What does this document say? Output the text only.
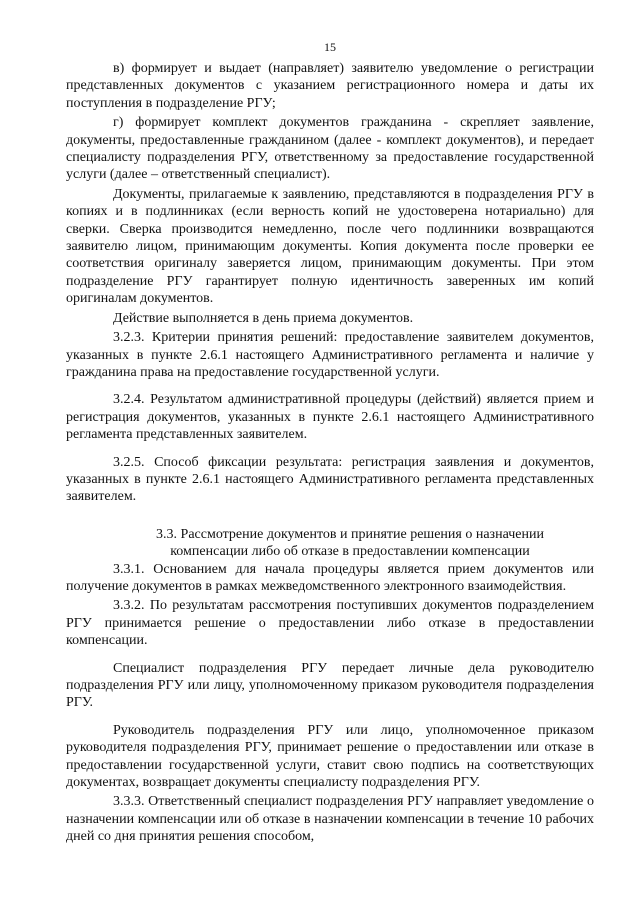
15

в) формирует и выдает (направляет) заявителю уведомление о регистрации представленных документов с указанием регистрационного номера и даты их поступления в подразделение РГУ;

г) формирует комплект документов гражданина - скрепляет заявление, документы, предоставленные гражданином (далее - комплект документов), и передает специалисту подразделения РГУ, ответственному за предоставление государственной услуги (далее – ответственный специалист).

Документы, прилагаемые к заявлению, представляются в подразделения РГУ в копиях и в подлинниках (если верность копий не удостоверена нотариально) для сверки. Сверка производится немедленно, после чего подлинники возвращаются заявителю лицом, принимающим документы. Копия документа после проверки ее соответствия оригиналу заверяется лицом, принимающим документы. При этом подразделение РГУ гарантирует полную идентичность заверенных им копий оригиналам документов.

Действие выполняется в день приема документов.

3.2.3. Критерии принятия решений: предоставление заявителем документов, указанных в пункте 2.6.1 настоящего Административного регламента и наличие у гражданина права на предоставление государственной услуги.

3.2.4. Результатом административной процедуры (действий) является прием и регистрация документов, указанных в пункте 2.6.1 настоящего Административного регламента представленных заявителем.

3.2.5. Способ фиксации результата: регистрация заявления и документов, указанных в пункте 2.6.1 настоящего Административного регламента представленных заявителем.

3.3. Рассмотрение документов и принятие решения о назначении
компенсации либо об отказе в предоставлении компенсации

3.3.1. Основанием для начала процедуры является прием документов или получение документов в рамках межведомственного электронного взаимодействия.

3.3.2. По результатам рассмотрения поступивших документов подразделением РГУ принимается решение о предоставлении либо отказе в предоставлении компенсации.

Специалист подразделения РГУ передает личные дела руководителю подразделения РГУ или лицу, уполномоченному приказом руководителя подразделения РГУ.

Руководитель подразделения РГУ или лицо, уполномоченное приказом руководителя подразделения РГУ, принимает решение о предоставлении или отказе в предоставлении государственной услуги, ставит свою подпись на соответствующих документах, возвращает документы специалисту подразделения РГУ.

3.3.3. Ответственный специалист подразделения РГУ направляет уведомление о назначении компенсации или об отказе в назначении компенсации в течение 10 рабочих дней со дня принятия решения способом,
